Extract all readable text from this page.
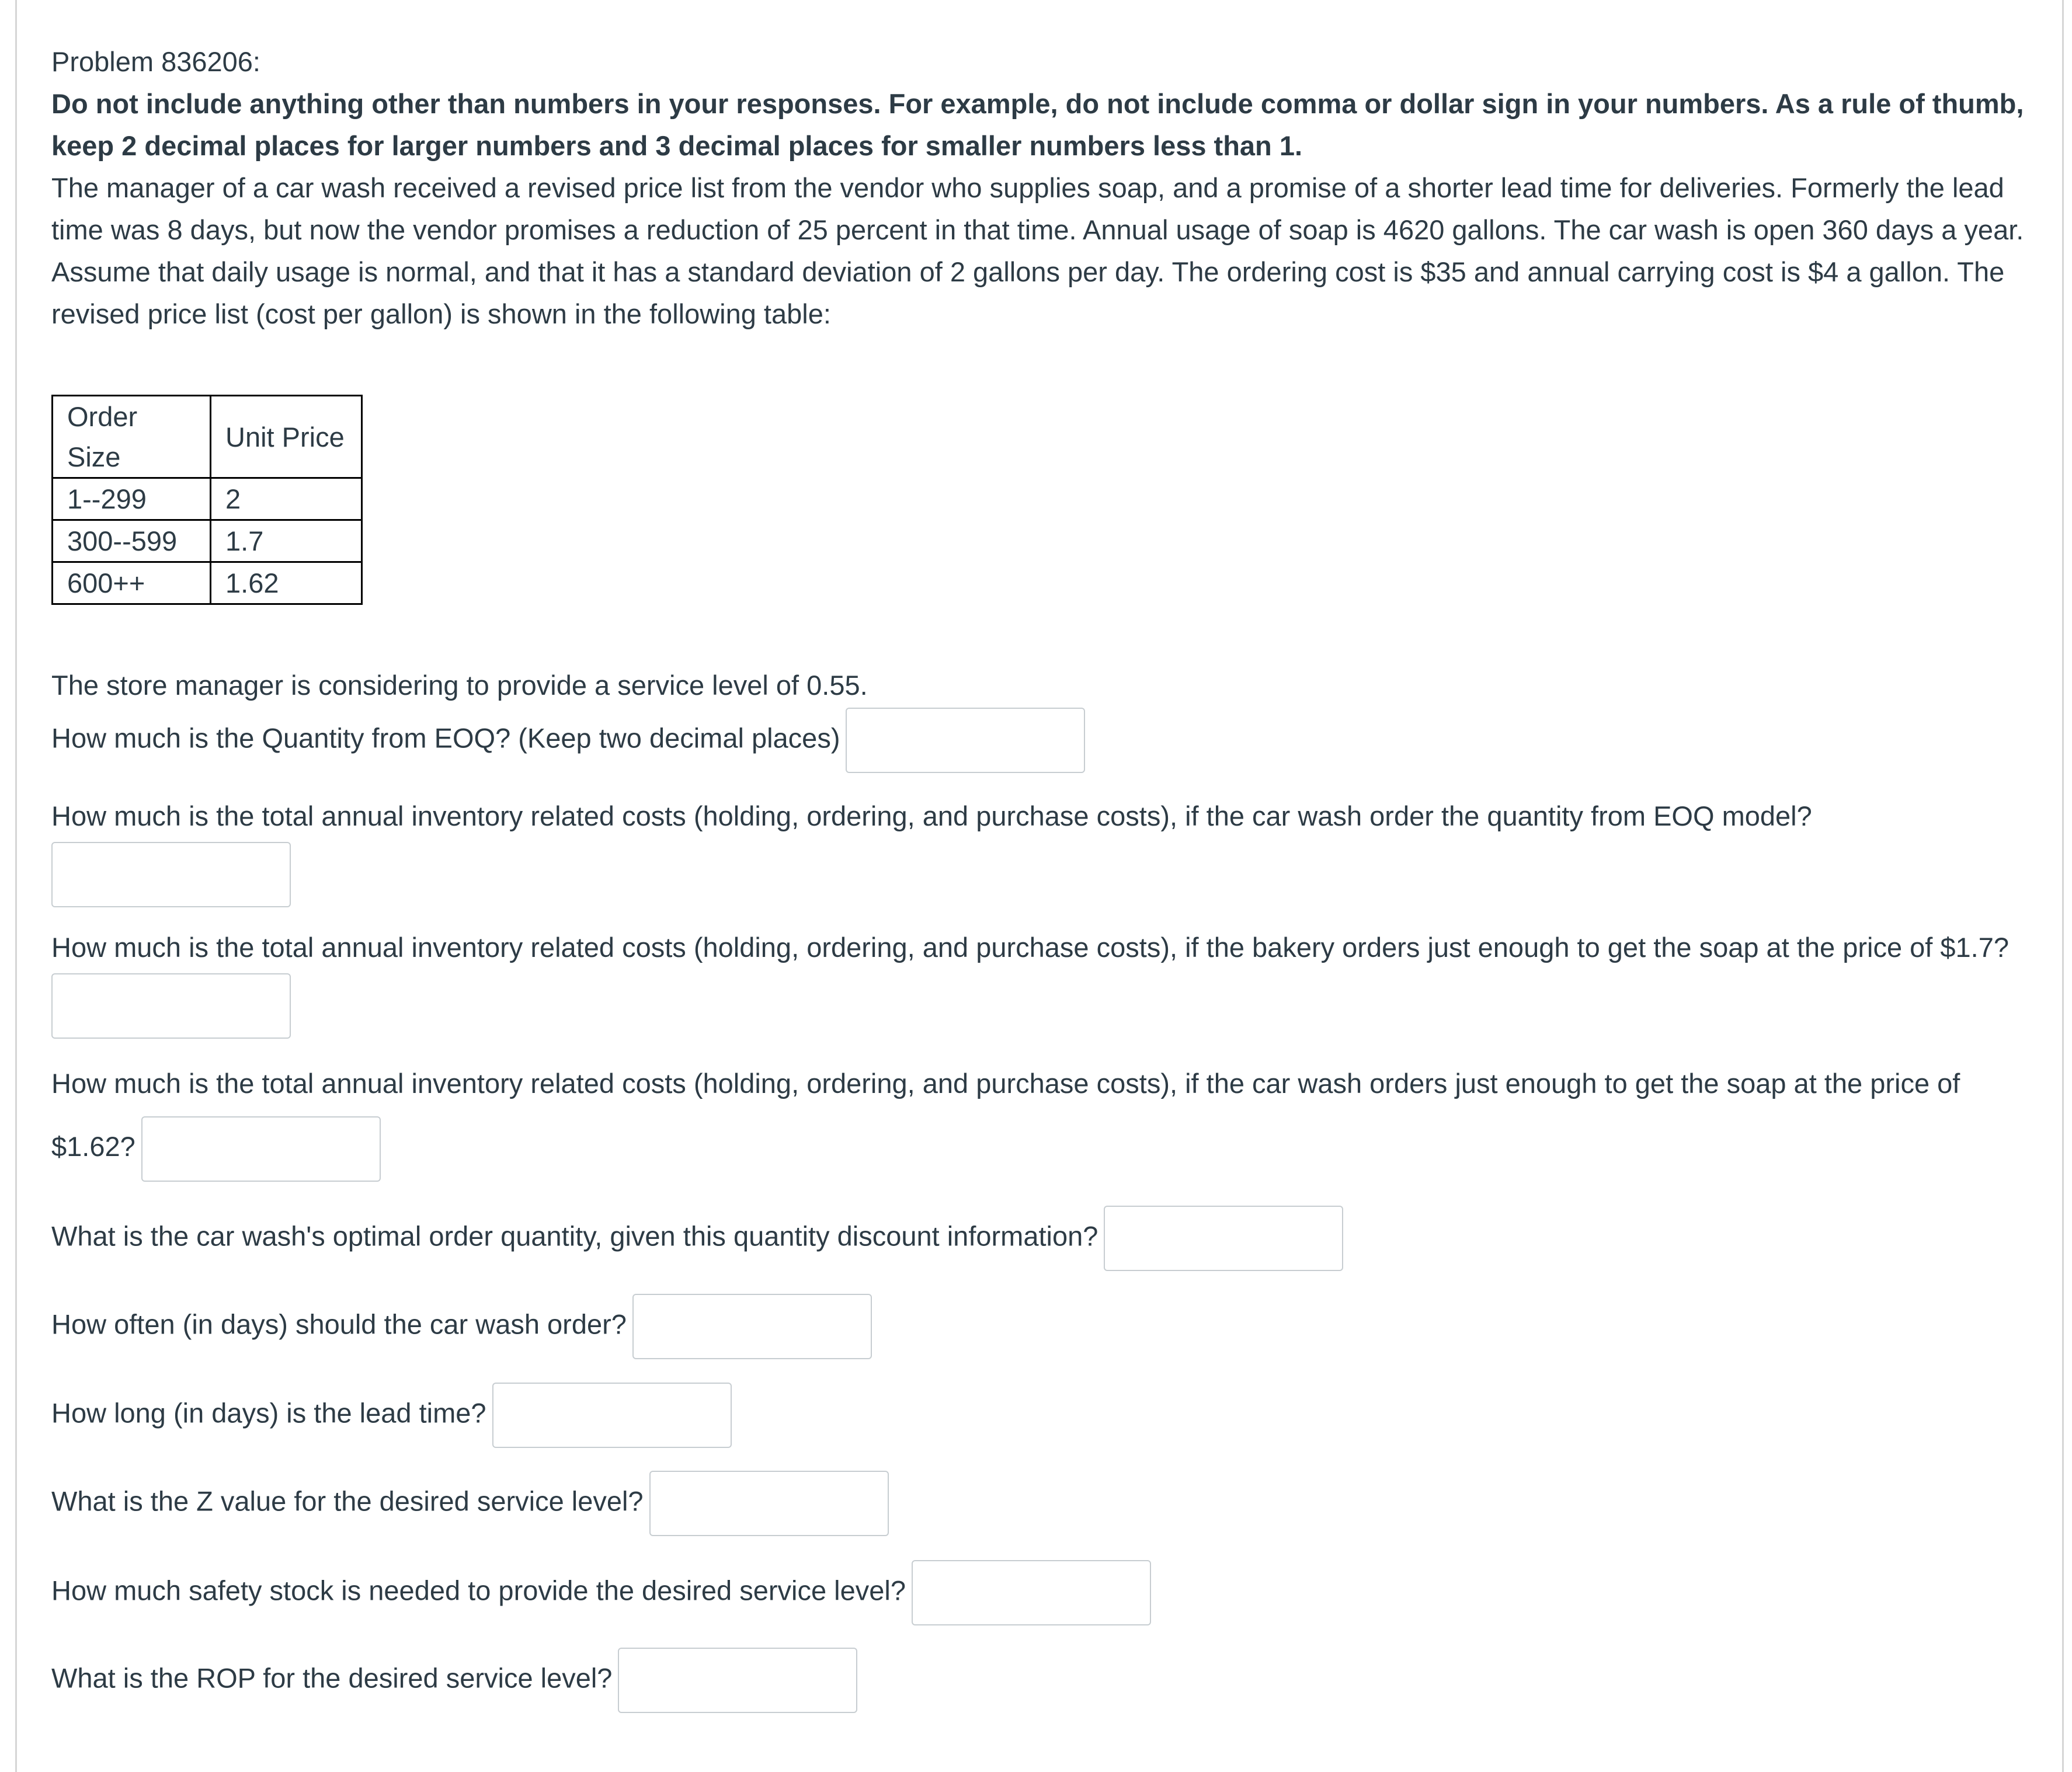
Problem 836206:

Do not include anything other than numbers in your responses. For example, do not include comma or dollar sign in your numbers. As a rule of thumb, keep 2 decimal places for larger numbers and 3 decimal places for smaller numbers less than 1.

The manager of a car wash received a revised price list from the vendor who supplies soap, and a promise of a shorter lead time for deliveries. Formerly the lead time was 8 days, but now the vendor promises a reduction of 25 percent in that time. Annual usage of soap is 4620 gallons. The car wash is open 360 days a year. Assume that daily usage is normal, and that it has a standard deviation of 2 gallons per day. The ordering cost is $35 and annual carrying cost is $4 a gallon. The revised price list (cost per gallon) is shown in the following table:

Order Size	Unit Price
1--299	2
300--599	1.7
600++	1.62

The store manager is considering to provide a service level of 0.55.

How much is the Quantity from EOQ? (Keep two decimal places)
How much is the total annual inventory related costs (holding, ordering, and purchase costs), if the car wash order the quantity from EOQ model?
How much is the total annual inventory related costs (holding, ordering, and purchase costs), if the bakery orders just enough to get the soap at the price of $1.7?
How much is the total annual inventory related costs (holding, ordering, and purchase costs), if the car wash orders just enough to get the soap at the price of $1.62?
What is the car wash's optimal order quantity, given this quantity discount information?
How often (in days) should the car wash order?
How long (in days) is the lead time?
What is the Z value for the desired service level?
How much safety stock is needed to provide the desired service level?
What is the ROP for the desired service level?
